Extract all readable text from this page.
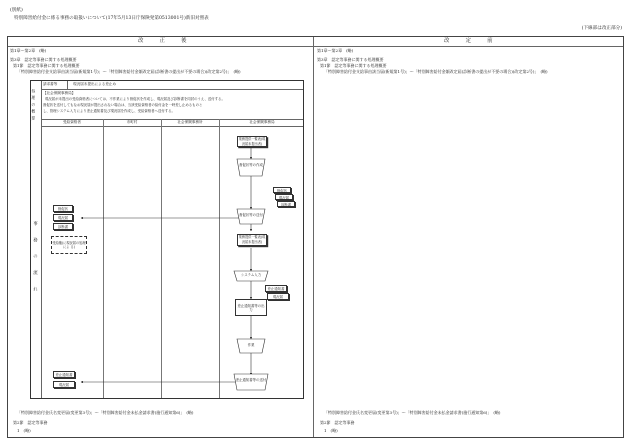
(別紙)
特別障害給付金に係る事務の取扱いについて(17年5月13日庁保険発第0513001号)新旧対照表
(下線部は改正部分)
改　　　正　　　後	改　　　定　　　前
第1章～第2章　(略)
第3章　認定等事務に関する処理概要
第1節　認定等事務に関する処理概要
「特別障害給付金支給事由該当届(新規第1号)」～「特別障害給付金額改定届(診断書の提出が不要の場合)(改定第2号)」　(略)
請求書等	現況届未提出による差止め
処理の概要
事務の流れ
【社会保険事務局】
現況届が未提出の受給資格者については、不作業により督促状を作成し、現況届及び診断書を同封のうえ、送付する。
督促状を送付してもなお現況届が提出されない場合は、当該受給資格者の給付金を一時差し止めるものと
し、管理システム入力により差止通知書及び現況届を作成し、受給資格者へ送付する。
受給資格者	市町村	社会保険事務所	社会保険事務局
業務提供一覧表(現況届未提出者)
督促状等の作成
督促状
現況届
診断書
督促状等の送付
督促状
現況届
診断書
受給権(に現況届の処理によ る)
業務提供一覧表(現況届未提出者)
システム入力
差止通知書
現況届
差止通知書等の出力
作業
差止通知書等の送付
差止通知書
現況届
「特別障害給付金氏名変更届(変更第3号)」～「特別障害給付金未払金請求書(施行通知第6)」　(略)
第2節　認定等事務
1　(略)
第1章～第2章　(略)
第3章　認定等事務に関する処理概要
第1節　認定等事務に関する処理概要
「特別障害給付金支給事由該当届(新規第1号)」～「特別障害給付金額改定届(診断書の提出が不要の場合)(改定第2号)」　(略)
「特別障害給付金氏名変更届(変更第3号)」～「特別障害給付金未払金請求書(施行通知第6)」　(略)
第2節　認定等事務
1　(略)
